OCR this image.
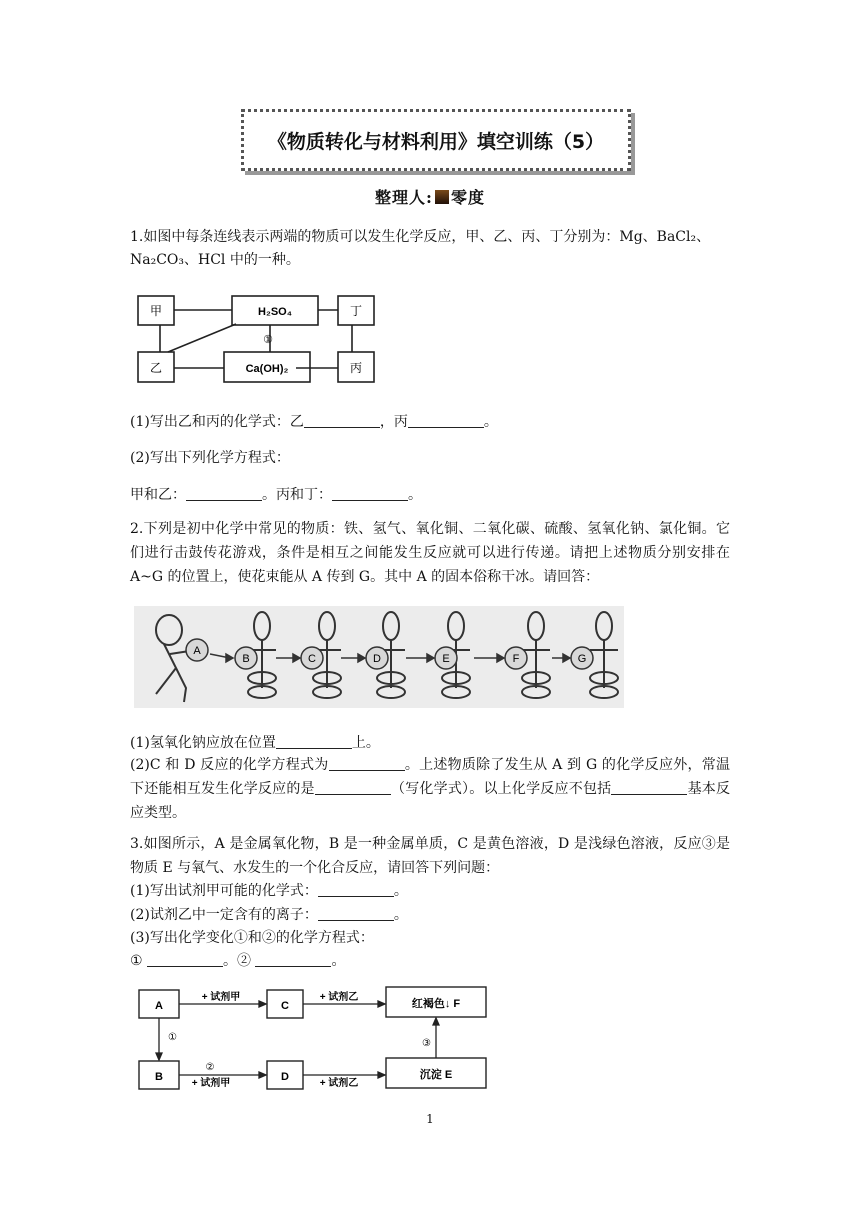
《物质转化与材料利用》填空训练（5）
整理人: 零度
1.如图中每条连线表示两端的物质可以发生化学反应，甲、乙、丙、丁分别为：Mg、BaCl₂、
Na₂CO₃、HCl 中的一种。
甲	H₂SO₄	丁
乙	Ca(OH)₂	丙
①
(1)写出乙和丙的化学式：乙	，丙	。
(2)写出下列化学方程式：
甲和乙：	。丙和丁：	。
2.下列是初中化学中常见的物质：铁、氢气、氧化铜、二氧化碳、硫酸、氢氧化钠、氯化铜。它们进行击鼓传花游戏，条件是相互之间能发生反应就可以进行传递。请把上述物质分别安排在 A~G 的位置上，使花束能从 A 传到 G。其中 A 的固本俗称干冰。请回答：
A
B	C	D	E	F	G
(1)氢氧化钠应放在位置	上。
(2)C 和 D 反应的化学方程式为	。上述物质除了发生从 A 到 G 的化学反应外，常温下还能相互发生化学反应的是	（写化学式）。以上化学反应不包括	基本反应类型。
3.如图所示，A 是金属氧化物，B 是一种金属单质，C 是黄色溶液，D 是浅绿色溶液，反应③是物质 E 与氧气、水发生的一个化合反应，请回答下列问题：
(1)写出试剂甲可能的化学式：	。
(2)试剂乙中一定含有的离子：	。
(3)写出化学变化①和②的化学方程式：
①	。②	。
A	C	红褐色↓ F
B	D	沉淀 E
+ 试剂甲	+ 试剂乙
+ 试剂甲	+ 试剂乙
①
②
③
1
